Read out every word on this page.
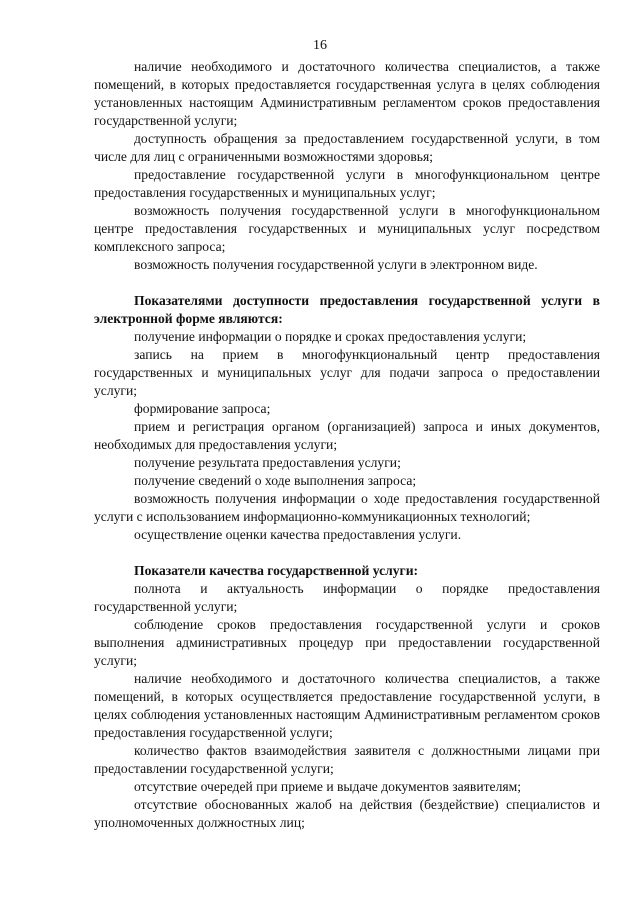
16

наличие необходимого и достаточного количества специалистов, а также помещений, в которых предоставляется государственная услуга в целях соблюдения установленных настоящим Административным регламентом сроков предоставления государственной услуги;

доступность обращения за предоставлением государственной услуги, в том числе для лиц с ограниченными возможностями здоровья;

предоставление государственной услуги в многофункциональном центре предоставления государственных и муниципальных услуг;

возможность получения государственной услуги в многофункциональном центре предоставления государственных и муниципальных услуг посредством комплексного запроса;

возможность получения государственной услуги в электронном виде.

Показателями доступности предоставления государственной услуги в электронной форме являются:

получение информации о порядке и сроках предоставления услуги;

запись на прием в многофункциональный центр предоставления государственных и муниципальных услуг для подачи запроса о предоставлении услуги;

формирование запроса;

прием и регистрация органом (организацией) запроса и иных документов, необходимых для предоставления услуги;

получение результата предоставления услуги;

получение сведений о ходе выполнения запроса;

возможность получения информации о ходе предоставления государственной услуги с использованием информационно-коммуникационных технологий;

осуществление оценки качества предоставления услуги.

Показатели качества государственной услуги:

полнота и актуальность информации о порядке предоставления государственной услуги;

соблюдение сроков предоставления государственной услуги и сроков выполнения административных процедур при предоставлении государственной услуги;

наличие необходимого и достаточного количества специалистов, а также помещений, в которых осуществляется предоставление государственной услуги, в целях соблюдения установленных настоящим Административным регламентом сроков предоставления государственной услуги;

количество фактов взаимодействия заявителя с должностными лицами при предоставлении государственной услуги;

отсутствие очередей при приеме и выдаче документов заявителям;

отсутствие обоснованных жалоб на действия (бездействие) специалистов и уполномоченных должностных лиц;
